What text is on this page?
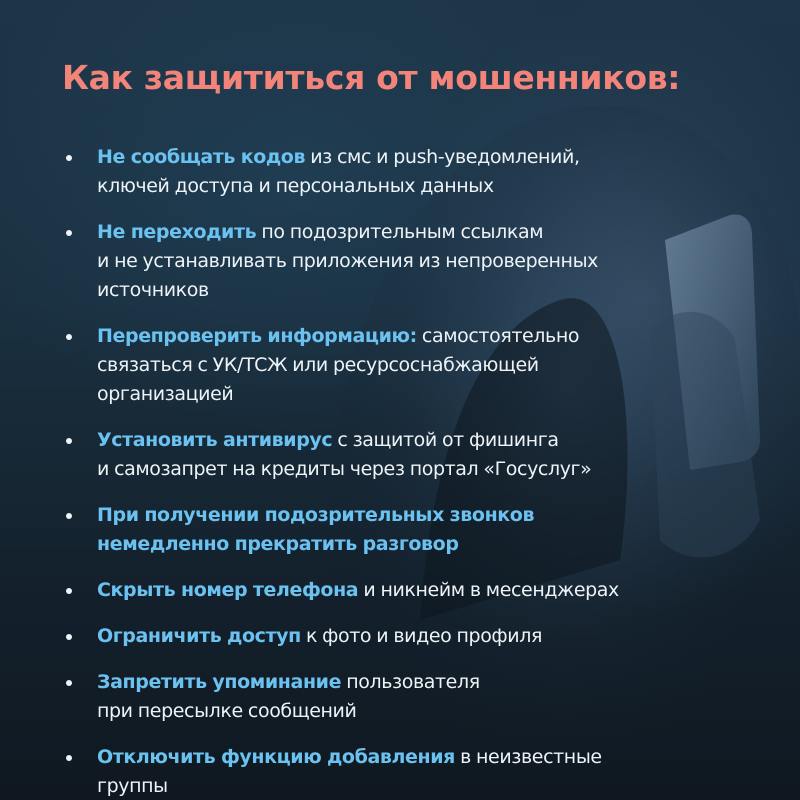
Как защититься от мошенников:
Не сообщать кодов из смс и push-уведомлений,
ключей доступа и персональных данных
Не переходить по подозрительным ссылкам
и не устанавливать приложения из непроверенных
источников
Перепроверить информацию: самостоятельно
связаться с УК/ТСЖ или ресурсоснабжающей
организацией
Установить антивирус с защитой от фишинга
и самозапрет на кредиты через портал «Госуслуг»
При получении подозрительных звонков
немедленно прекратить разговор
Скрыть номер телефона и никнейм в месенджерах
Ограничить доступ к фото и видео профиля
Запретить упоминание пользователя
при пересылке сообщений
Отключить функцию добавления в неизвестные
группы
